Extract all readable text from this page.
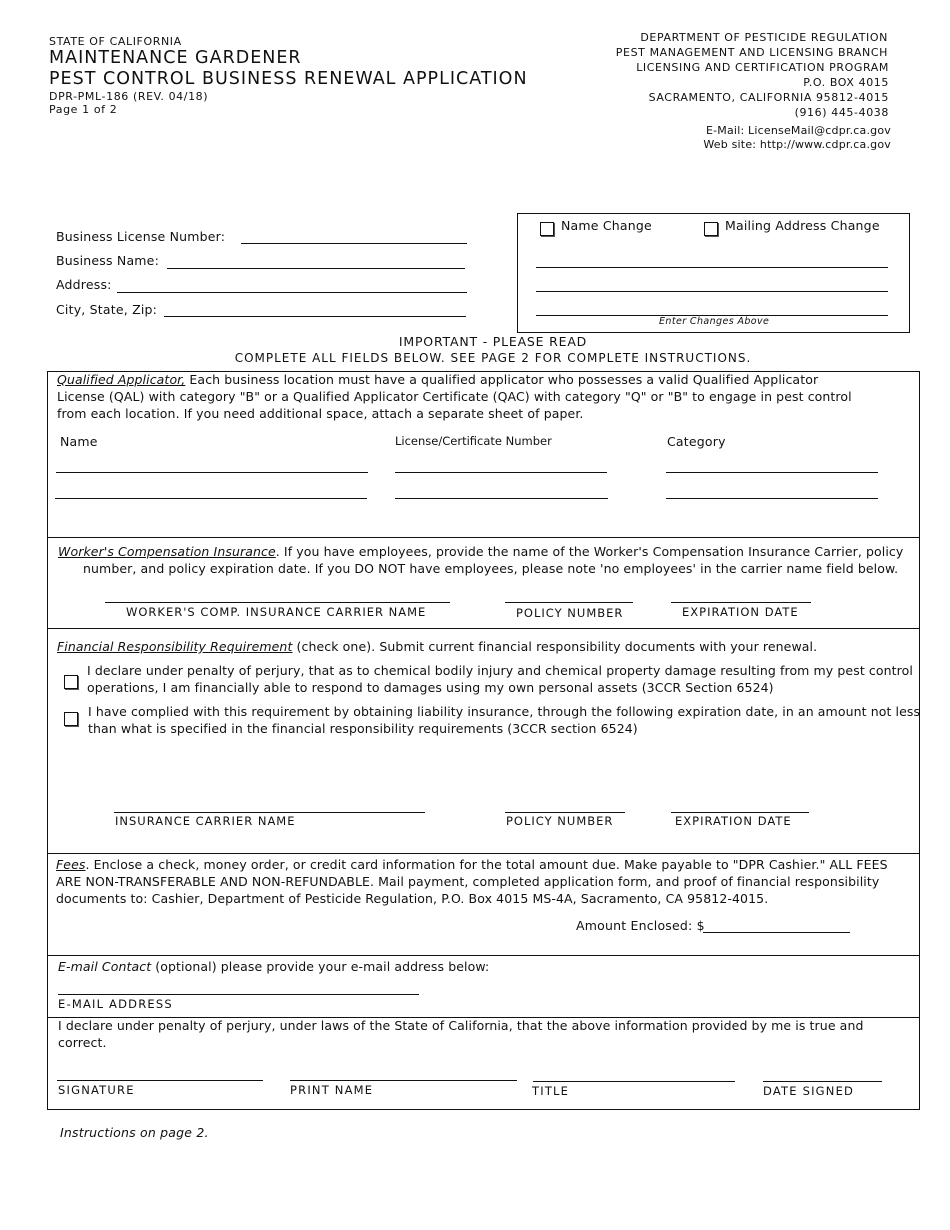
STATE OF CALIFORNIA
MAINTENANCE GARDENER
PEST CONTROL BUSINESS RENEWAL APPLICATION
DPR-PML-186 (REV. 04/18)
Page 1 of 2
DEPARTMENT OF PESTICIDE REGULATION
PEST MANAGEMENT AND LICENSING BRANCH
LICENSING AND CERTIFICATION PROGRAM
P.O. BOX 4015
SACRAMENTO, CALIFORNIA 95812-4015
(916) 445-4038
E-Mail: LicenseMail@cdpr.ca.gov
Web site: http://www.cdpr.ca.gov
Business License Number:
Business Name:
Address:
City, State, Zip:
Name Change	Mailing Address Change
Enter Changes Above
IMPORTANT - PLEASE READ
COMPLETE ALL FIELDS BELOW. SEE PAGE 2 FOR COMPLETE INSTRUCTIONS.
Qualified Applicator, Each business location must have a qualified applicator who possesses a valid Qualified Applicator
License (QAL) with category "B" or a Qualified Applicator Certificate (QAC) with category "Q" or "B" to engage in pest control
from each location. If you need additional space, attach a separate sheet of paper.
Name	License/Certificate Number	Category
Worker's Compensation Insurance. If you have employees, provide the name of the Worker's Compensation Insurance Carrier, policy
number, and policy expiration date. If you DO NOT have employees, please note 'no employees' in the carrier name field below.
WORKER'S COMP. INSURANCE CARRIER NAME	POLICY NUMBER	EXPIRATION DATE
Financial Responsibility Requirement (check one). Submit current financial responsibility documents with your renewal.
I declare under penalty of perjury, that as to chemical bodily injury and chemical property damage resulting from my pest control
operations, I am financially able to respond to damages using my own personal assets (3CCR Section 6524)
I have complied with this requirement by obtaining liability insurance, through the following expiration date, in an amount not less
than what is specified in the financial responsibility requirements (3CCR section 6524)
INSURANCE CARRIER NAME	POLICY NUMBER	EXPIRATION DATE
Fees. Enclose a check, money order, or credit card information for the total amount due. Make payable to "DPR Cashier." ALL FEES
ARE NON-TRANSFERABLE AND NON-REFUNDABLE. Mail payment, completed application form, and proof of financial responsibility
documents to: Cashier, Department of Pesticide Regulation, P.O. Box 4015 MS-4A, Sacramento, CA 95812-4015.
Amount Enclosed: $
E-mail Contact (optional) please provide your e-mail address below:
E-MAIL ADDRESS
I declare under penalty of perjury, under laws of the State of California, that the above information provided by me is true and
correct.
SIGNATURE	PRINT NAME	TITLE	DATE SIGNED
Instructions on page 2.
